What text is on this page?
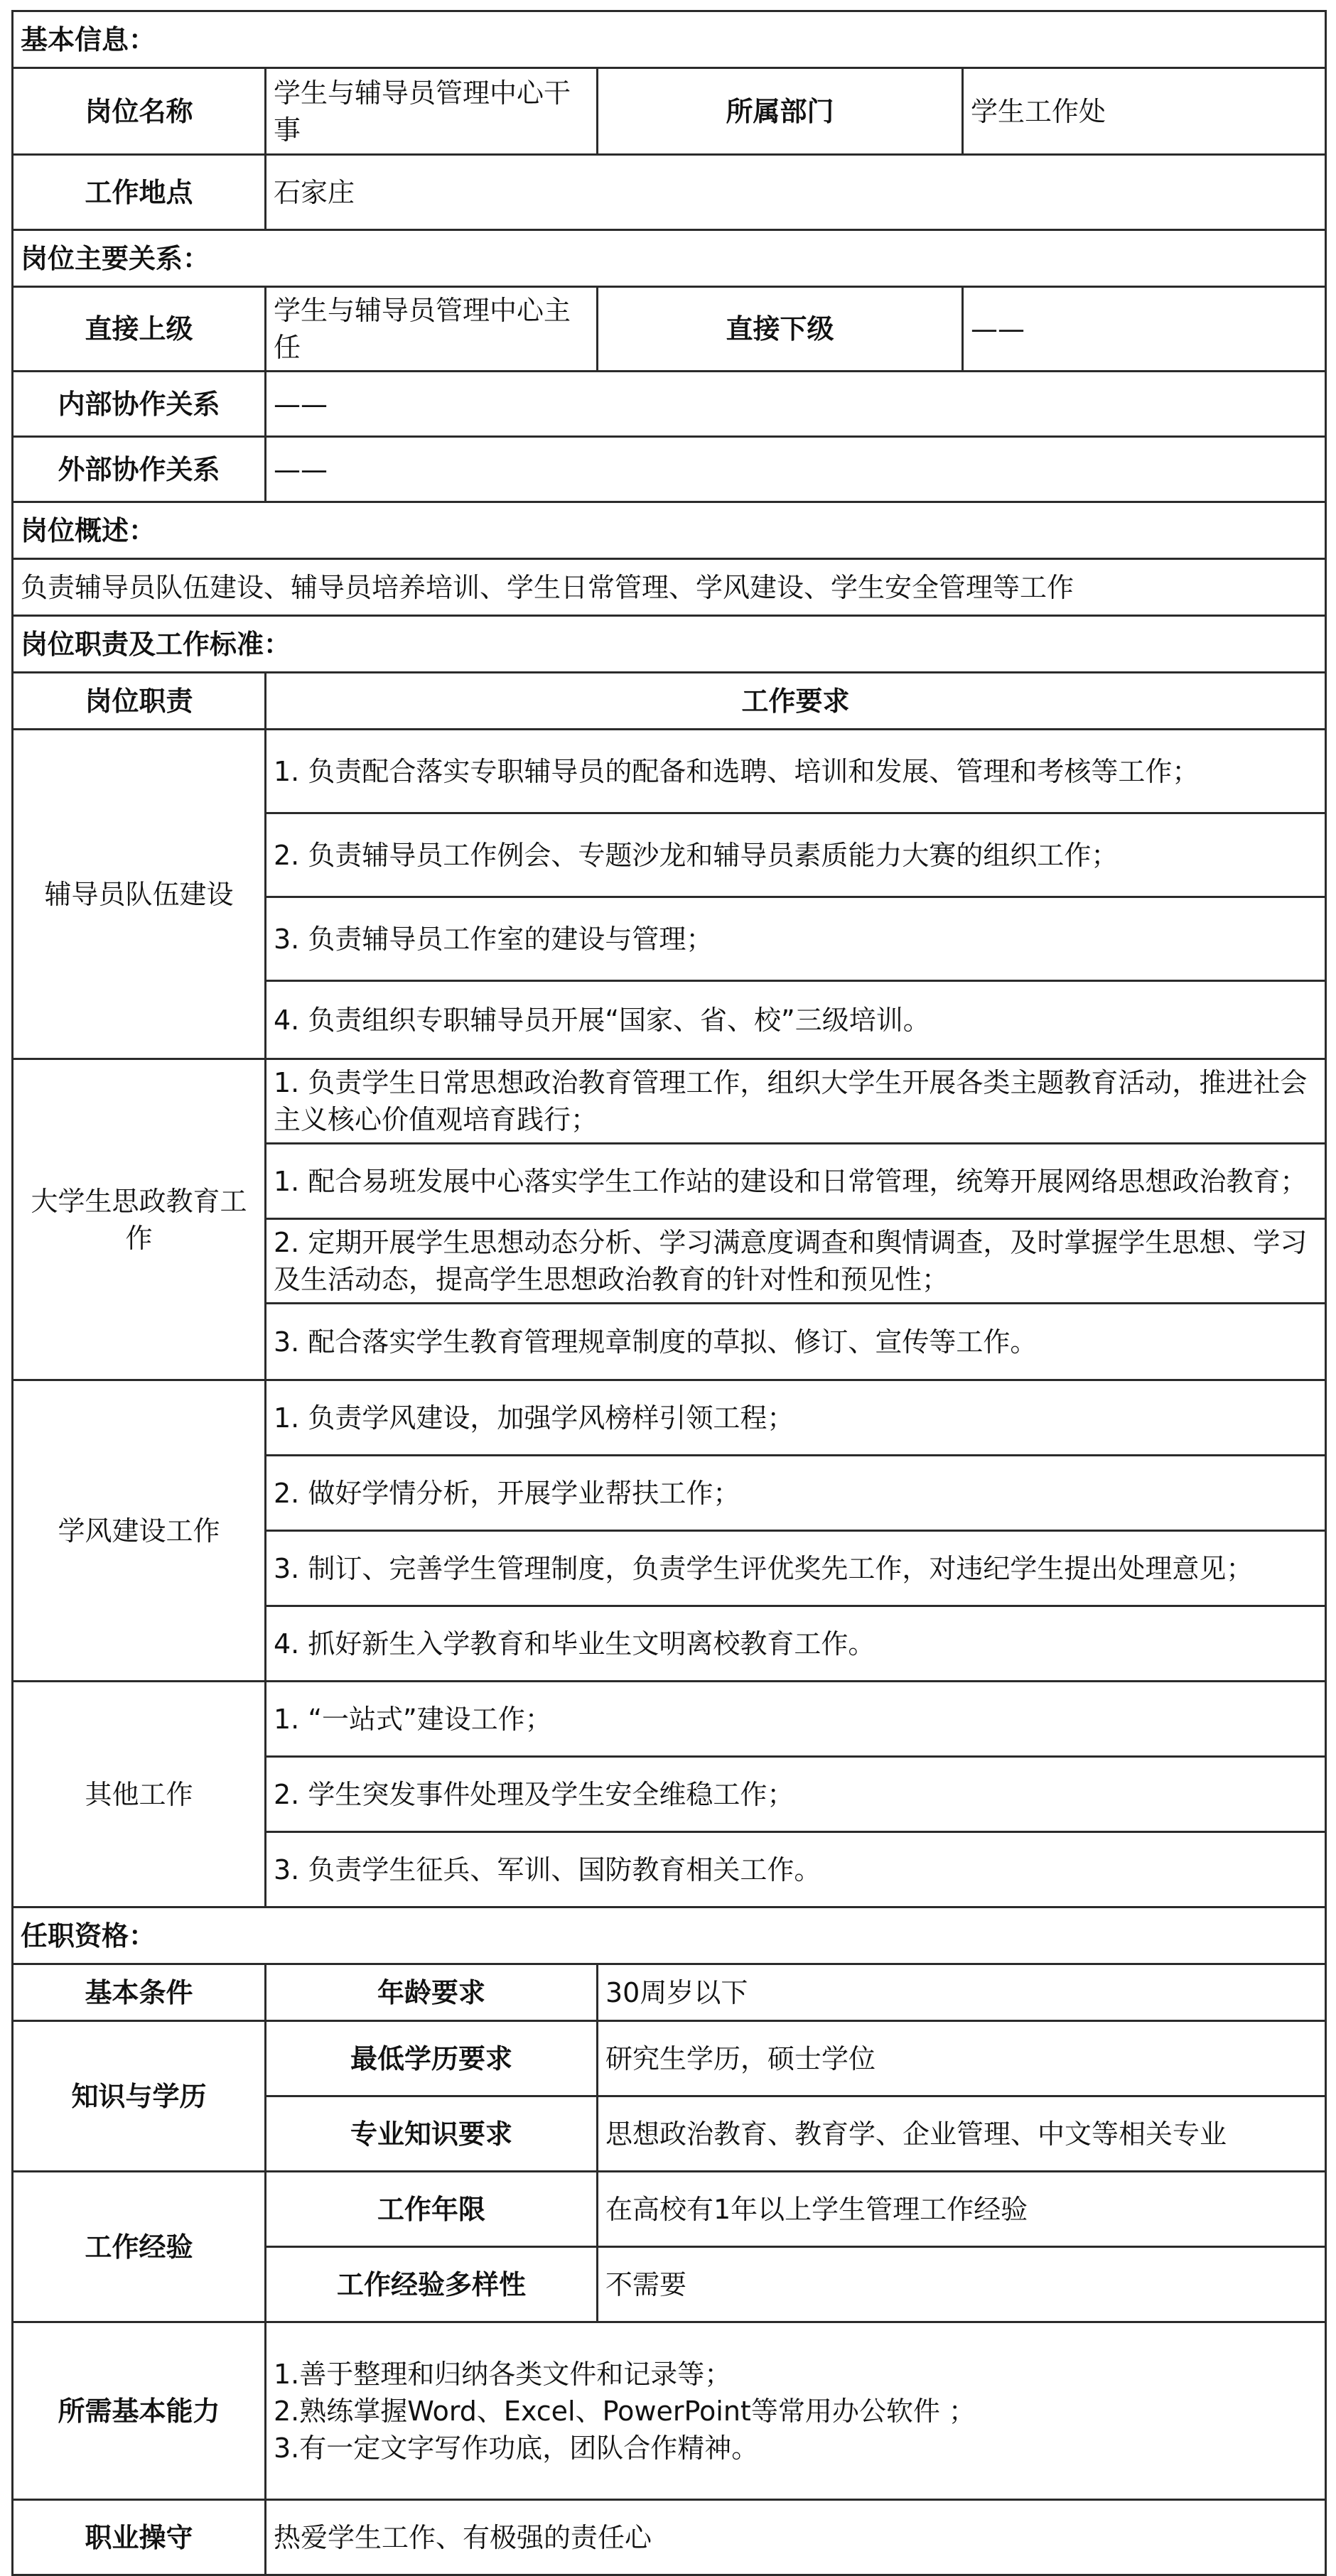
基本信息：			
岗位名称	学生与辅导员管理中心干事	所属部门	学生工作处
工作地点	石家庄		
岗位主要关系：			
直接上级	学生与辅导员管理中心主任	直接下级	——
内部协作关系	——		
外部协作关系	——		
岗位概述：			
负责辅导员队伍建设、辅导员培养培训、学生日常管理、学风建设、学生安全管理等工作			
岗位职责及工作标准：			
岗位职责	工作要求		
辅导员队伍建设	1. 负责配合落实专职辅导员的配备和选聘、培训和发展、管理和考核等工作；		
	2. 负责辅导员工作例会、专题沙龙和辅导员素质能力大赛的组织工作；		
	3. 负责辅导员工作室的建设与管理；		
	4. 负责组织专职辅导员开展“国家、省、校”三级培训。		
大学生思政教育工作	1. 负责学生日常思想政治教育管理工作，组织大学生开展各类主题教育活动，推进社会主义核心价值观培育践行；		
	1. 配合易班发展中心落实学生工作站的建设和日常管理，统筹开展网络思想政治教育；		
	2. 定期开展学生思想动态分析、学习满意度调查和舆情调查，及时掌握学生思想、学习及生活动态，提高学生思想政治教育的针对性和预见性；		
	3. 配合落实学生教育管理规章制度的草拟、修订、宣传等工作。		
学风建设工作	1. 负责学风建设，加强学风榜样引领工程；		
	2. 做好学情分析，开展学业帮扶工作；		
	3. 制订、完善学生管理制度，负责学生评优奖先工作，对违纪学生提出处理意见；		
	4. 抓好新生入学教育和毕业生文明离校教育工作。		
其他工作	1. “一站式”建设工作；		
	2. 学生突发事件处理及学生安全维稳工作；		
	3. 负责学生征兵、军训、国防教育相关工作。		
任职资格：			
基本条件	年龄要求	30周岁以下	
知识与学历	最低学历要求	研究生学历，硕士学位	
	专业知识要求	思想政治教育、教育学、企业管理、中文等相关专业	
工作经验	工作年限	在高校有1年以上学生管理工作经验	
	工作经验多样性	不需要	
所需基本能力	1.善于整理和归纳各类文件和记录等；
2.熟练掌握Word、Excel、PowerPoint等常用办公软件 ；
3.有一定文字写作功底，团队合作精神。		

职业操守	热爱学生工作、有极强的责任心		
